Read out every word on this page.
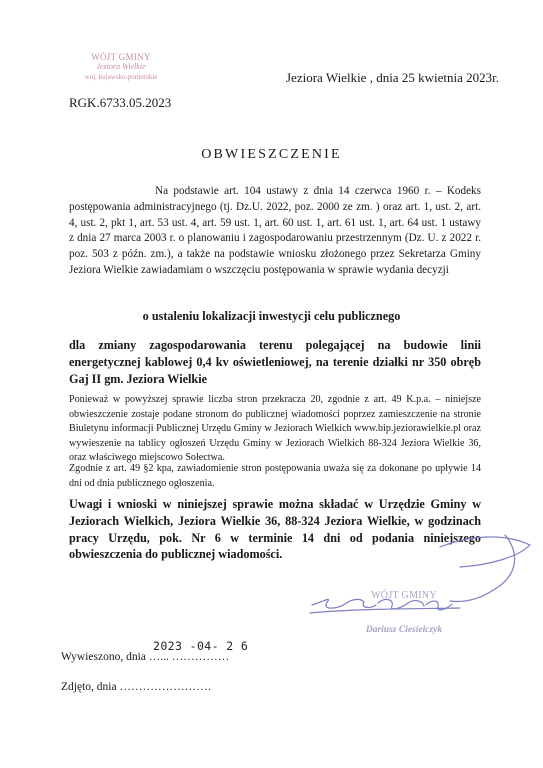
WÓJT GMINY
Jeziora Wielkie
woj. kujawsko-pomorskie	Jeziora Wielkie , dnia 25 kwietnia 2023r.
RGK.6733.05.2023
OBWIESZCZENIE
Na podstawie art. 104 ustawy z dnia 14 czerwca 1960 r. – Kodeks postępowania administracyjnego (tj. Dz.U. 2022, poz. 2000 ze zm. ) oraz art. 1, ust. 2, art. 4, ust. 2, pkt 1, art. 53 ust. 4, art. 59 ust. 1, art. 60 ust. 1, art. 61 ust. 1, art. 64 ust. 1 ustawy z dnia 27 marca 2003 r. o planowaniu i zagospodarowaniu przestrzennym (Dz. U. z 2022 r. poz. 503 z późn. zm.), a także na podstawie wniosku złożonego przez Sekretarza Gminy Jeziora Wielkie zawiadamiam o wszczęciu postępowania w sprawie wydania decyzji
o ustaleniu lokalizacji inwestycji celu publicznego
dla zmiany zagospodarowania terenu polegającej na budowie linii energetycznej kablowej 0,4 kv oświetleniowej, na terenie działki nr 350 obręb Gaj II gm. Jeziora Wielkie
Ponieważ w powyższej sprawie liczba stron przekracza 20, zgodnie z art. 49 K.p.a. – niniejsze obwieszczenie zostaje podane stronom do publicznej wiadomości poprzez zamieszczenie na stronie Biuletynu informacji Publicznej Urzędu Gminy w Jeziorach Wielkich www.bip.jeziorawielkie.pl oraz wywieszenie na tablicy ogłoszeń Urzędu Gminy w Jeziorach Wielkich 88-324 Jeziora Wielkie 36, oraz właściwego miejscowo Sołectwa.
Zgodnie z art. 49 §2 kpa, zawiadomienie stron postępowania uważa się za dokonane po upływie 14 dni od dnia publicznego ogłoszenia.
Uwagi i wnioski w niniejszej sprawie można składać w Urzędzie Gminy w Jeziorach Wielkich, Jeziora Wielkie 36, 88-324 Jeziora Wielkie, w godzinach pracy Urzędu, pok. Nr 6 w terminie 14 dni od podania niniejszego obwieszczenia do publicznej wiadomości.
WÓJT GMINY
Dariusz Ciesielczyk
2023 -04- 2 6
Wywieszono, dnia …... ……………
Zdjęto, dnia ……………………
